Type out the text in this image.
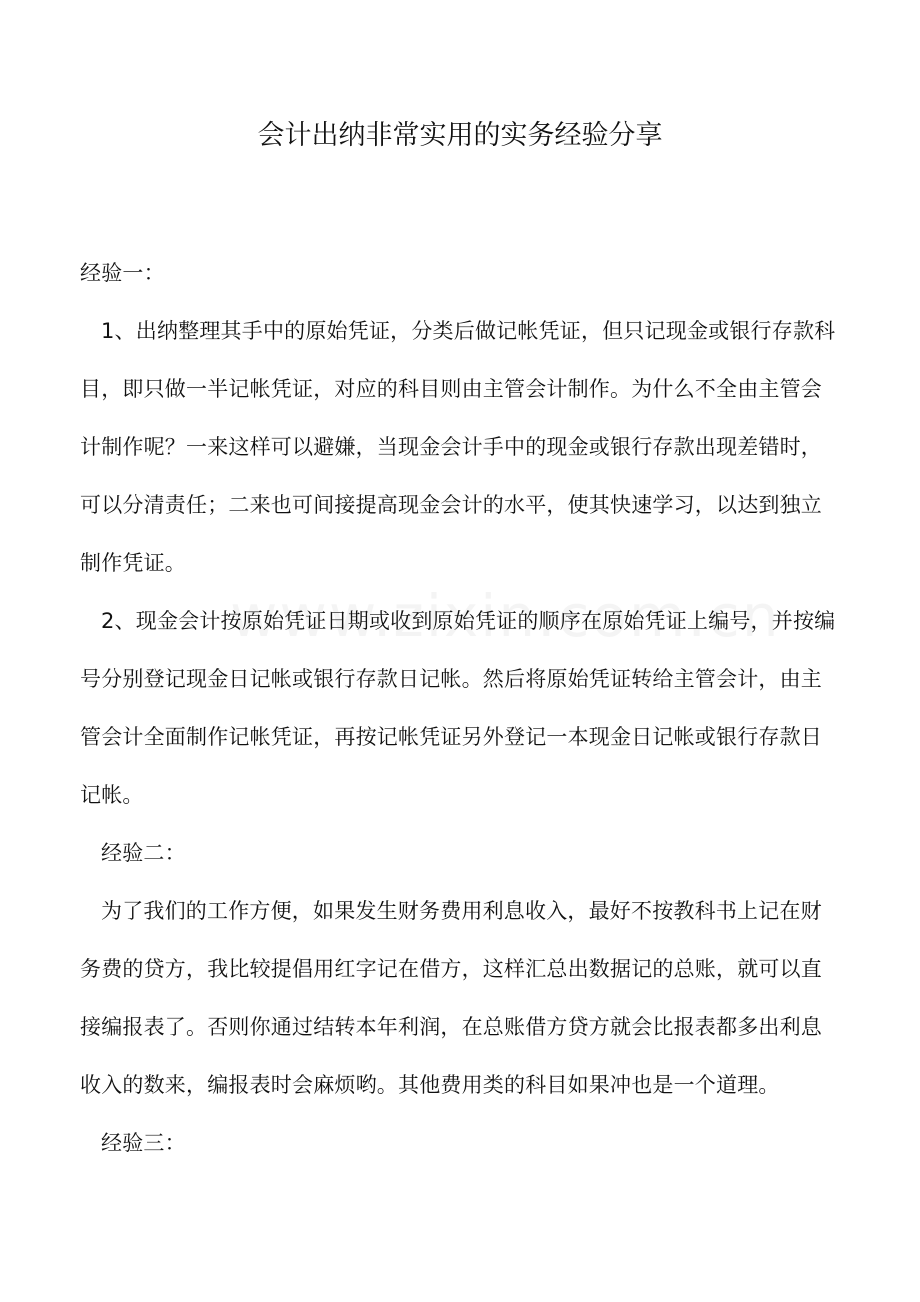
会计出纳非常实用的实务经验分享

经验一：

1、出纳整理其手中的原始凭证，分类后做记帐凭证，但只记现金或银行存款科目，即只做一半记帐凭证，对应的科目则由主管会计制作。为什么不全由主管会计制作呢？一来这样可以避嫌，当现金会计手中的现金或银行存款出现差错时，可以分清责任；二来也可间接提高现金会计的水平，使其快速学习，以达到独立制作凭证。

2、现金会计按原始凭证日期或收到原始凭证的顺序在原始凭证上编号，并按编号分别登记现金日记帐或银行存款日记帐。然后将原始凭证转给主管会计，由主管会计全面制作记帐凭证，再按记帐凭证另外登记一本现金日记帐或银行存款日记帐。

经验二：

为了我们的工作方便，如果发生财务费用利息收入，最好不按教科书上记在财务费的贷方，我比较提倡用红字记在借方，这样汇总出数据记的总账，就可以直接编报表了。否则你通过结转本年利润，在总账借方贷方就会比报表都多出利息收入的数来，编报表时会麻烦哟。其他费用类的科目如果冲也是一个道理。

经验三：
